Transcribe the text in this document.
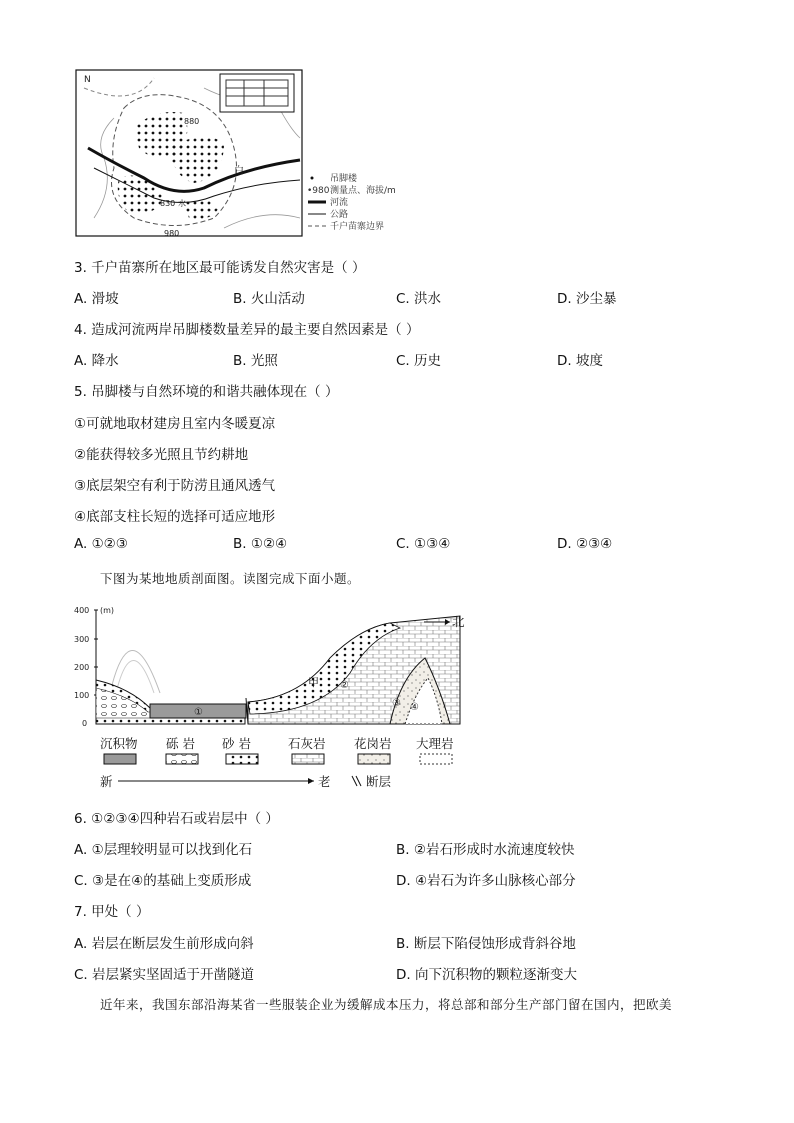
N
880
白
830 水
980
吊脚楼
•980 测量点、海拔/m
河流
公路
千户苗寨边界
3. 千户苗寨所在地区最可能诱发自然灾害是（ ）
A. 滑坡	B. 火山活动	C. 洪水	D. 沙尘暴
4. 造成河流两岸吊脚楼数量差异的最主要自然因素是（ ）
A. 降水	B. 光照	C. 历史	D. 坡度
5. 吊脚楼与自然环境的和谐共融体现在（ ）
①可就地取材建房且室内冬暖夏凉
②能获得较多光照且节约耕地
③底层架空有利于防涝且通风透气
④底部支柱长短的选择可适应地形
A. ①②③	B. ①②④	C. ①③④	D. ②③④
下图为某地地质剖面图。读图完成下面小题。
400 (m)
300
200
100
0
①
②
③ ④
甲
北
沉积物 砾 岩 砂 岩	石灰岩 花岗岩 大理岩
新	老	断层
6. ①②③④四种岩石或岩层中（ ）
A. ①层理较明显可以找到化石	B. ②岩石形成时水流速度较快
C. ③是在④的基础上变质形成	D. ④岩石为许多山脉核心部分
7. 甲处（ ）
A. 岩层在断层发生前形成向斜	B. 断层下陷侵蚀形成背斜谷地
C. 岩层紧实坚固适于开凿隧道	D. 向下沉积物的颗粒逐渐变大
近年来，我国东部沿海某省一些服装企业为缓解成本压力，将总部和部分生产部门留在国内，把欧美
